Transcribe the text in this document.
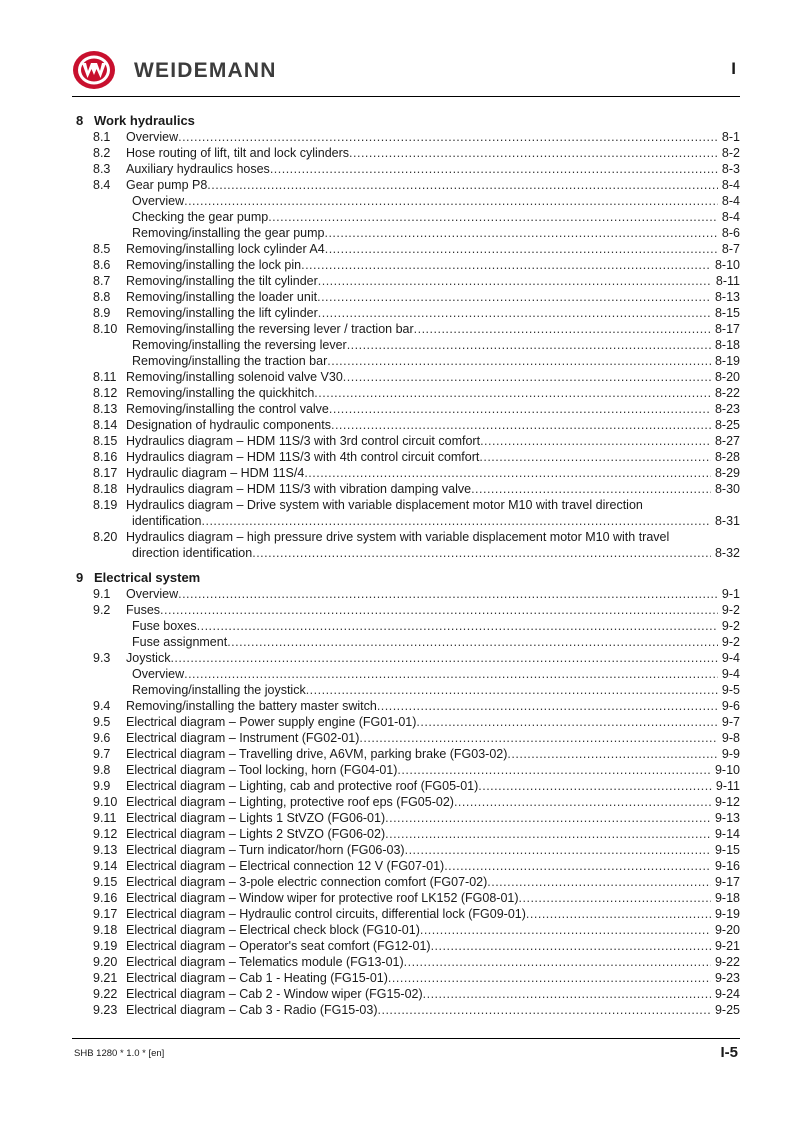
WEIDEMANN	I
8 Work hydraulics
8.1 Overview .....	8-1
8.2 Hose routing of lift, tilt and lock cylinders .....	8-2
8.3 Auxiliary hydraulics hoses .....	8-3
8.4 Gear pump P8 .....	8-4
Overview .....	8-4
Checking the gear pump .....	8-4
Removing/installing the gear pump .....	8-6
8.5 Removing/installing lock cylinder A4 .....	8-7
8.6 Removing/installing the lock pin .....	8-10
8.7 Removing/installing the tilt cylinder .....	8-11
8.8 Removing/installing the loader unit .....	8-13
8.9 Removing/installing the lift cylinder .....	8-15
8.10 Removing/installing the reversing lever / traction bar .....	8-17
Removing/installing the reversing lever .....	8-18
Removing/installing the traction bar .....	8-19
8.11 Removing/installing solenoid valve V30 .....	8-20
8.12 Removing/installing the quickhitch .....	8-22
8.13 Removing/installing the control valve .....	8-23
8.14 Designation of hydraulic components .....	8-25
8.15 Hydraulics diagram – HDM 11S/3 with 3rd control circuit comfort .....	8-27
8.16 Hydraulics diagram – HDM 11S/3 with 4th control circuit comfort .....	8-28
8.17 Hydraulic diagram – HDM 11S/4 .....	8-29
8.18 Hydraulics diagram – HDM 11S/3 with vibration damping valve .....	8-30
8.19 Hydraulics diagram – Drive system with variable displacement motor M10 with travel direction
identification .....	8-31
8.20 Hydraulics diagram – high pressure drive system with variable displacement motor M10 with travel
direction identification .....	8-32
9 Electrical system
9.1 Overview .....	9-1
9.2 Fuses .....	9-2
Fuse boxes .....	9-2
Fuse assignment .....	9-2
9.3 Joystick .....	9-4
Overview .....	9-4
Removing/installing the joystick .....	9-5
9.4 Removing/installing the battery master switch .....	9-6
9.5 Electrical diagram – Power supply engine (FG01-01) .....	9-7
9.6 Electrical diagram – Instrument (FG02-01) .....	9-8
9.7 Electrical diagram – Travelling drive, A6VM, parking brake (FG03-02) .....	9-9
9.8 Electrical diagram – Tool locking, horn (FG04-01) .....	9-10
9.9 Electrical diagram – Lighting, cab and protective roof (FG05-01) .....	9-11
9.10 Electrical diagram – Lighting, protective roof eps (FG05-02) .....	9-12
9.11 Electrical diagram – Lights 1 StVZO (FG06-01) .....	9-13
9.12 Electrical diagram – Lights 2 StVZO (FG06-02) .....	9-14
9.13 Electrical diagram – Turn indicator/horn (FG06-03) .....	9-15
9.14 Electrical diagram – Electrical connection 12 V (FG07-01) .....	9-16
9.15 Electrical diagram – 3-pole electric connection comfort (FG07-02) .....	9-17
9.16 Electrical diagram – Window wiper for protective roof LK152 (FG08-01) .....	9-18
9.17 Electrical diagram – Hydraulic control circuits, differential lock (FG09-01) .....	9-19
9.18 Electrical diagram – Electrical check block (FG10-01) .....	9-20
9.19 Electrical diagram – Operator's seat comfort (FG12-01) .....	9-21
9.20 Electrical diagram – Telematics module (FG13-01) .....	9-22
9.21 Electrical diagram – Cab 1 - Heating (FG15-01) .....	9-23
9.22 Electrical diagram – Cab 2 - Window wiper (FG15-02) .....	9-24
9.23 Electrical diagram – Cab 3 - Radio (FG15-03) .....	9-25
SHB 1280 * 1.0 * [en]	I-5
